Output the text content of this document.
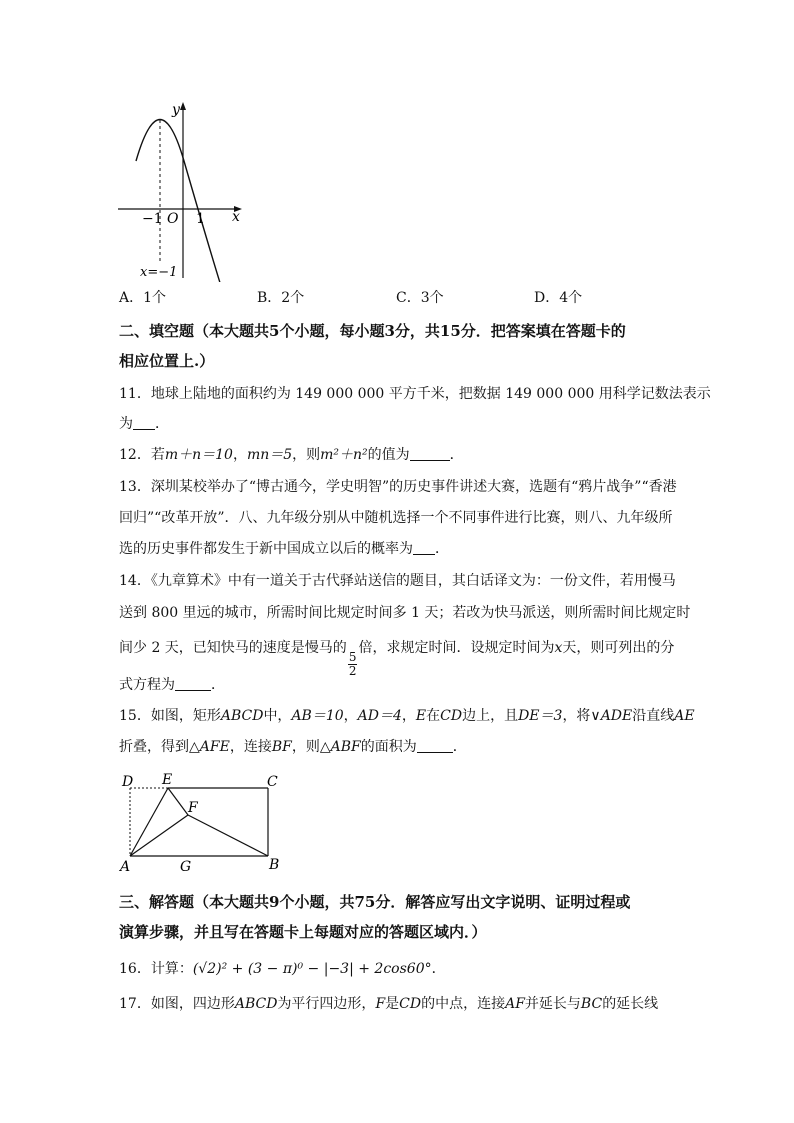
y
x
O
−1 1
x=−1
A．1个	B．2个	C．3个	D．4个
二、填空题（本大题共5个小题，每小题3分，共15分．把答案填在答题卡的
相应位置上.）
11．地球上陆地的面积约为 149 000 000 平方千米，把数据 149 000 000 用科学记数法表示
为 ．
12．若m＋n＝10，mn＝5，则m²＋n²的值为	．
13．深圳某校举办了“博古通今，学史明智”的历史事件讲述大赛，选题有“鸦片战争”“香港
回归”“改革开放”．八、九年级分别从中随机选择一个不同事件进行比赛，则八、九年级所
选的历史事件都发生于新中国成立以后的概率为 ．
14．《九章算术》中有一道关于古代驿站送信的题目，其白话译文为：一份文件，若用慢马
送到 800 里远的城市，所需时间比规定时间多 1 天；若改为快马派送，则所需时间比规定时
间少 2 天，已知快马的速度是慢马的
$\frac{5}{2}$
倍，求规定时间．设规定时间为x天，则可列出的分
式方程为	．
15．如图，矩形ABCD中，AB＝10，AD＝4，E在CD边上，且DE＝3，将∨ADE沿直线AE
折叠，得到△AFE，连接BF，则△ABF的面积为	．
D E	C
F
A	G	B
三、解答题（本大题共9个小题，共75分．解答应写出文字说明、证明过程或
演算步骤，并且写在答题卡上每题对应的答题区域内．）
16．计算：(√2)² + (3 − π)⁰ − |−3| + 2cos60°．
17．如图，四边形ABCD为平行四边形，F是CD的中点，连接AF并延长与BC的延长线
